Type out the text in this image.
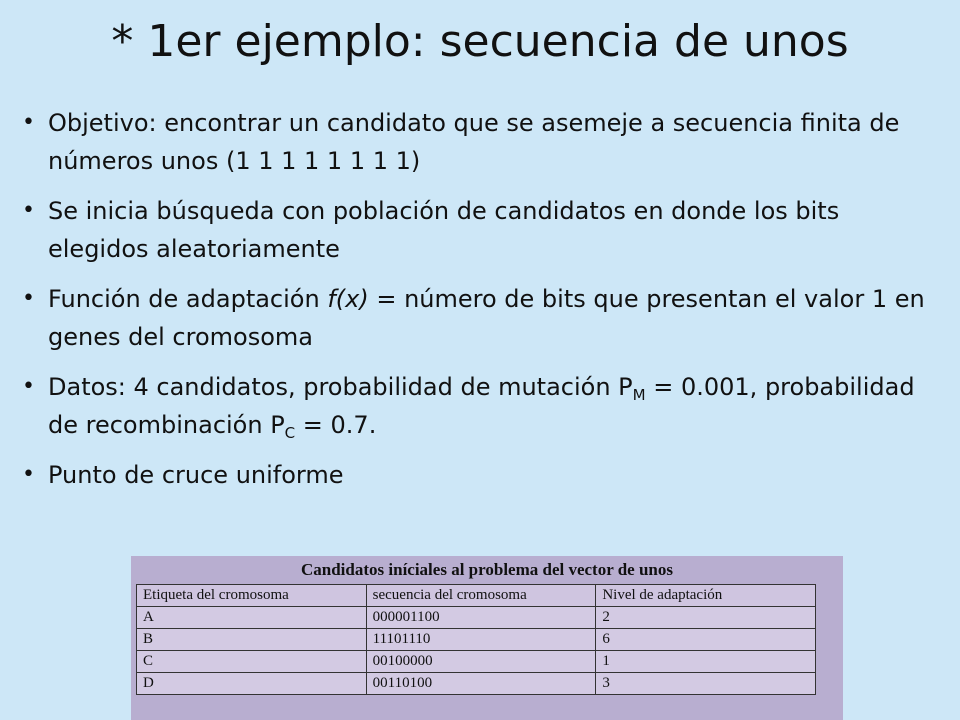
* 1er ejemplo: secuencia de unos
• Objetivo: encontrar un candidato que se asemeje a secuencia finita de números unos (1 1 1 1 1 1 1 1)
• Se inicia búsqueda con población de candidatos en donde los bits elegidos aleatoriamente
• Función de adaptación f(x) = número de bits que presentan el valor 1 en genes del cromosoma
• Datos: 4 candidatos, probabilidad de mutación $P_M = 0.001$, probabilidad de recombinación $P_C = 0.7$.
• Punto de cruce uniforme
Candidatos iníciales al problema del vector de unos
Etiqueta del cromosoma	secuencia del cromosoma	Nivel de adaptación
A	000001100	2
B	11101110	6
C	00100000	1
D	00110100	3
